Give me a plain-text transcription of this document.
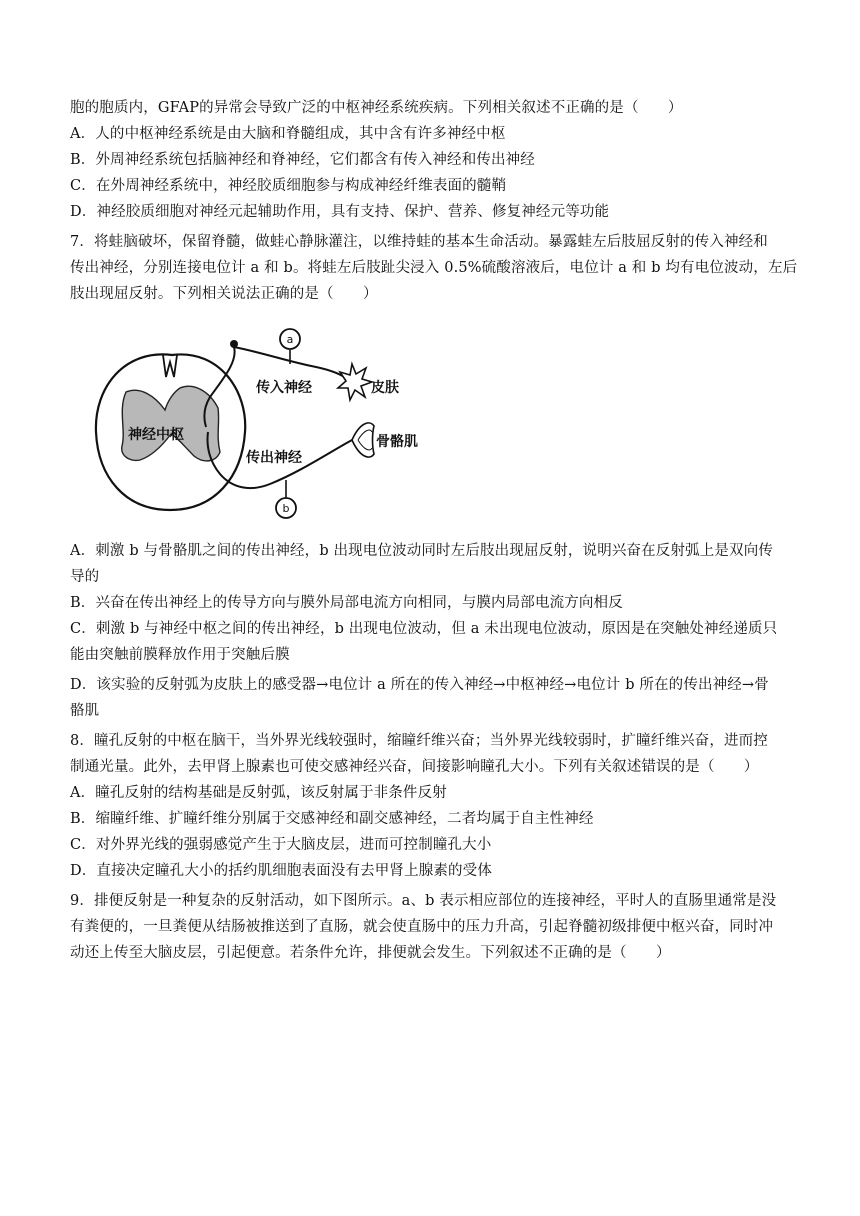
胞的胞质内，GFAP的异常会导致广泛的中枢神经系统疾病。下列相关叙述不正确的是（　　）
A．人的中枢神经系统是由大脑和脊髓组成，其中含有许多神经中枢
B．外周神经系统包括脑神经和脊神经，它们都含有传入神经和传出神经
C．在外周神经系统中，神经胶质细胞参与构成神经纤维表面的髓鞘
D．神经胶质细胞对神经元起辅助作用，具有支持、保护、营养、修复神经元等功能
7．将蛙脑破坏，保留脊髓，做蛙心静脉灌注，以维持蛙的基本生命活动。暴露蛙左后肢屈反射的传入神经和
传出神经，分别连接电位计 a 和 b。将蛙左后肢趾尖浸入 0.5%硫酸溶液后，电位计 a 和 b 均有电位波动，左后
肢出现屈反射。下列相关说法正确的是（　　）
神经中枢
a
传入神经	皮肤
b
传出神经
骨骼肌
A．刺激 b 与骨骼肌之间的传出神经，b 出现电位波动同时左后肢出现屈反射，说明兴奋在反射弧上是双向传
导的
B．兴奋在传出神经上的传导方向与膜外局部电流方向相同，与膜内局部电流方向相反
C．刺激 b 与神经中枢之间的传出神经，b 出现电位波动，但 a 未出现电位波动，原因是在突触处神经递质只
能由突触前膜释放作用于突触后膜
D．该实验的反射弧为皮肤上的感受器→电位计 a 所在的传入神经→中枢神经→电位计 b 所在的传出神经→骨
骼肌
8．瞳孔反射的中枢在脑干，当外界光线较强时，缩瞳纤维兴奋；当外界光线较弱时，扩瞳纤维兴奋，进而控
制通光量。此外，去甲肾上腺素也可使交感神经兴奋，间接影响瞳孔大小。下列有关叙述错误的是（　　）
A．瞳孔反射的结构基础是反射弧，该反射属于非条件反射
B．缩瞳纤维、扩瞳纤维分别属于交感神经和副交感神经，二者均属于自主性神经
C．对外界光线的强弱感觉产生于大脑皮层，进而可控制瞳孔大小
D．直接决定瞳孔大小的括约肌细胞表面没有去甲肾上腺素的受体
9．排便反射是一种复杂的反射活动，如下图所示。a、b 表示相应部位的连接神经，平时人的直肠里通常是没
有粪便的，一旦粪便从结肠被推送到了直肠，就会使直肠中的压力升高，引起脊髓初级排便中枢兴奋，同时冲
动还上传至大脑皮层，引起便意。若条件允许，排便就会发生。下列叙述不正确的是（　　）
